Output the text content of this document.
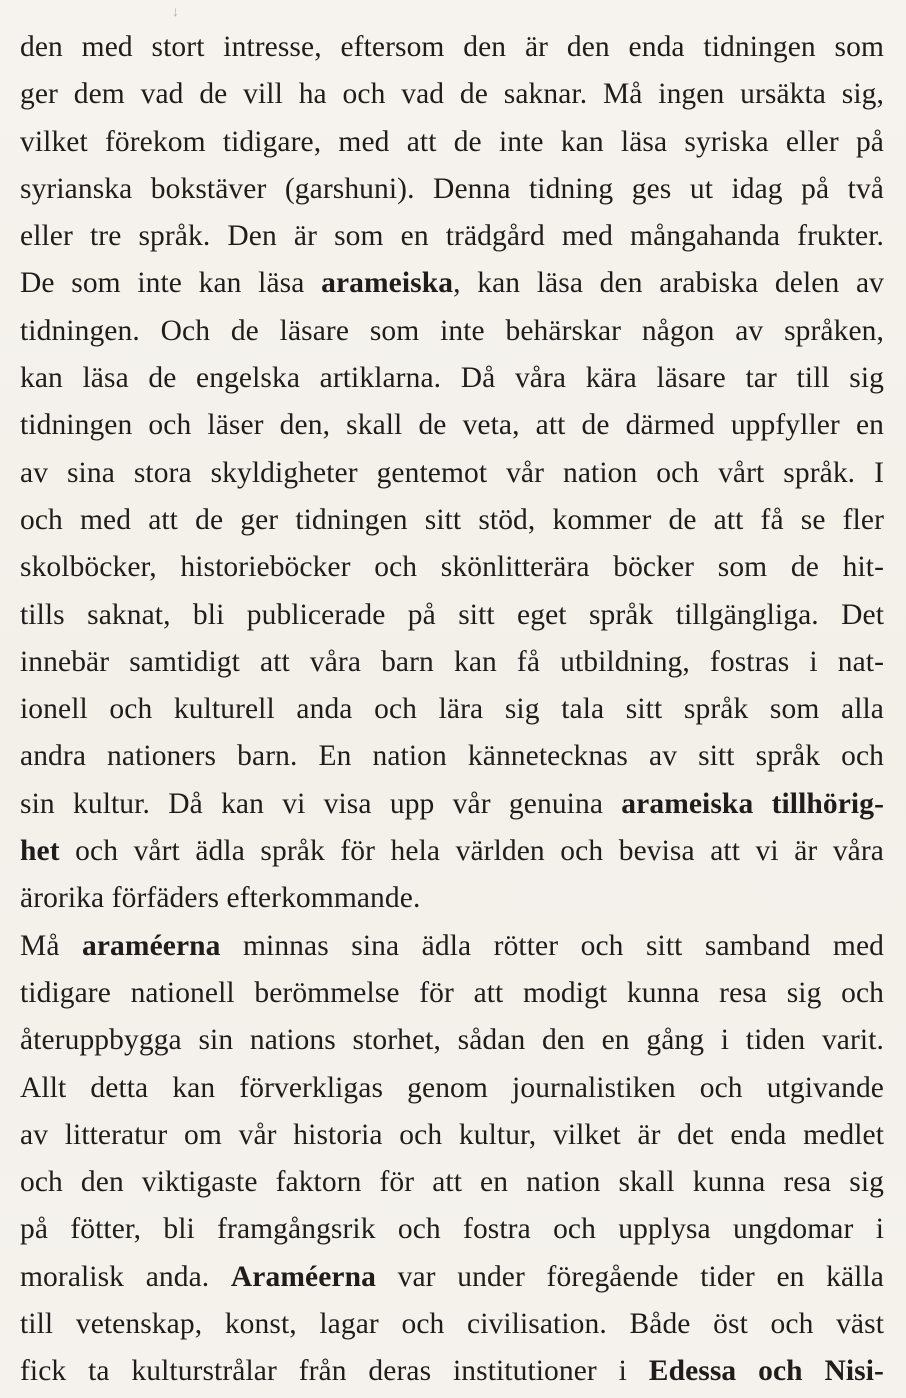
↓
den med stort intresse, eftersom den är den enda tidningen som
ger dem vad de vill ha och vad de saknar. Må ingen ursäkta sig,
vilket förekom tidigare, med att de inte kan läsa syriska eller på
syrianska bokstäver (garshuni). Denna tidning ges ut idag på två
eller tre språk. Den är som en trädgård med mångahanda frukter.
De som inte kan läsa arameiska, kan läsa den arabiska delen av
tidningen. Och de läsare som inte behärskar någon av språken,
kan läsa de engelska artiklarna. Då våra kära läsare tar till sig
tidningen och läser den, skall de veta, att de därmed uppfyller en
av sina stora skyldigheter gentemot vår nation och vårt språk. I
och med att de ger tidningen sitt stöd, kommer de att få se fler
skolböcker, historieböcker och skönlitterära böcker som de hit-
tills saknat, bli publicerade på sitt eget språk tillgängliga. Det
innebär samtidigt att våra barn kan få utbildning, fostras i nat-
ionell och kulturell anda och lära sig tala sitt språk som alla
andra nationers barn. En nation kännetecknas av sitt språk och
sin kultur. Då kan vi visa upp vår genuina arameiska tillhörig-
het och vårt ädla språk för hela världen och bevisa att vi är våra
ärorika förfäders efterkommande.
Må araméerna minnas sina ädla rötter och sitt samband med
tidigare nationell berömmelse för att modigt kunna resa sig och
återuppbygga sin nations storhet, sådan den en gång i tiden varit.
Allt detta kan förverkligas genom journalistiken och utgivande
av litteratur om vår historia och kultur, vilket är det enda medlet
och den viktigaste faktorn för att en nation skall kunna resa sig
på fötter, bli framgångsrik och fostra och upplysa ungdomar i
moralisk anda. Araméerna var under föregående tider en källa
till vetenskap, konst, lagar och civilisation. Både öst och väst
fick ta kulturstrålar från deras institutioner i Edessa och Nisi-
